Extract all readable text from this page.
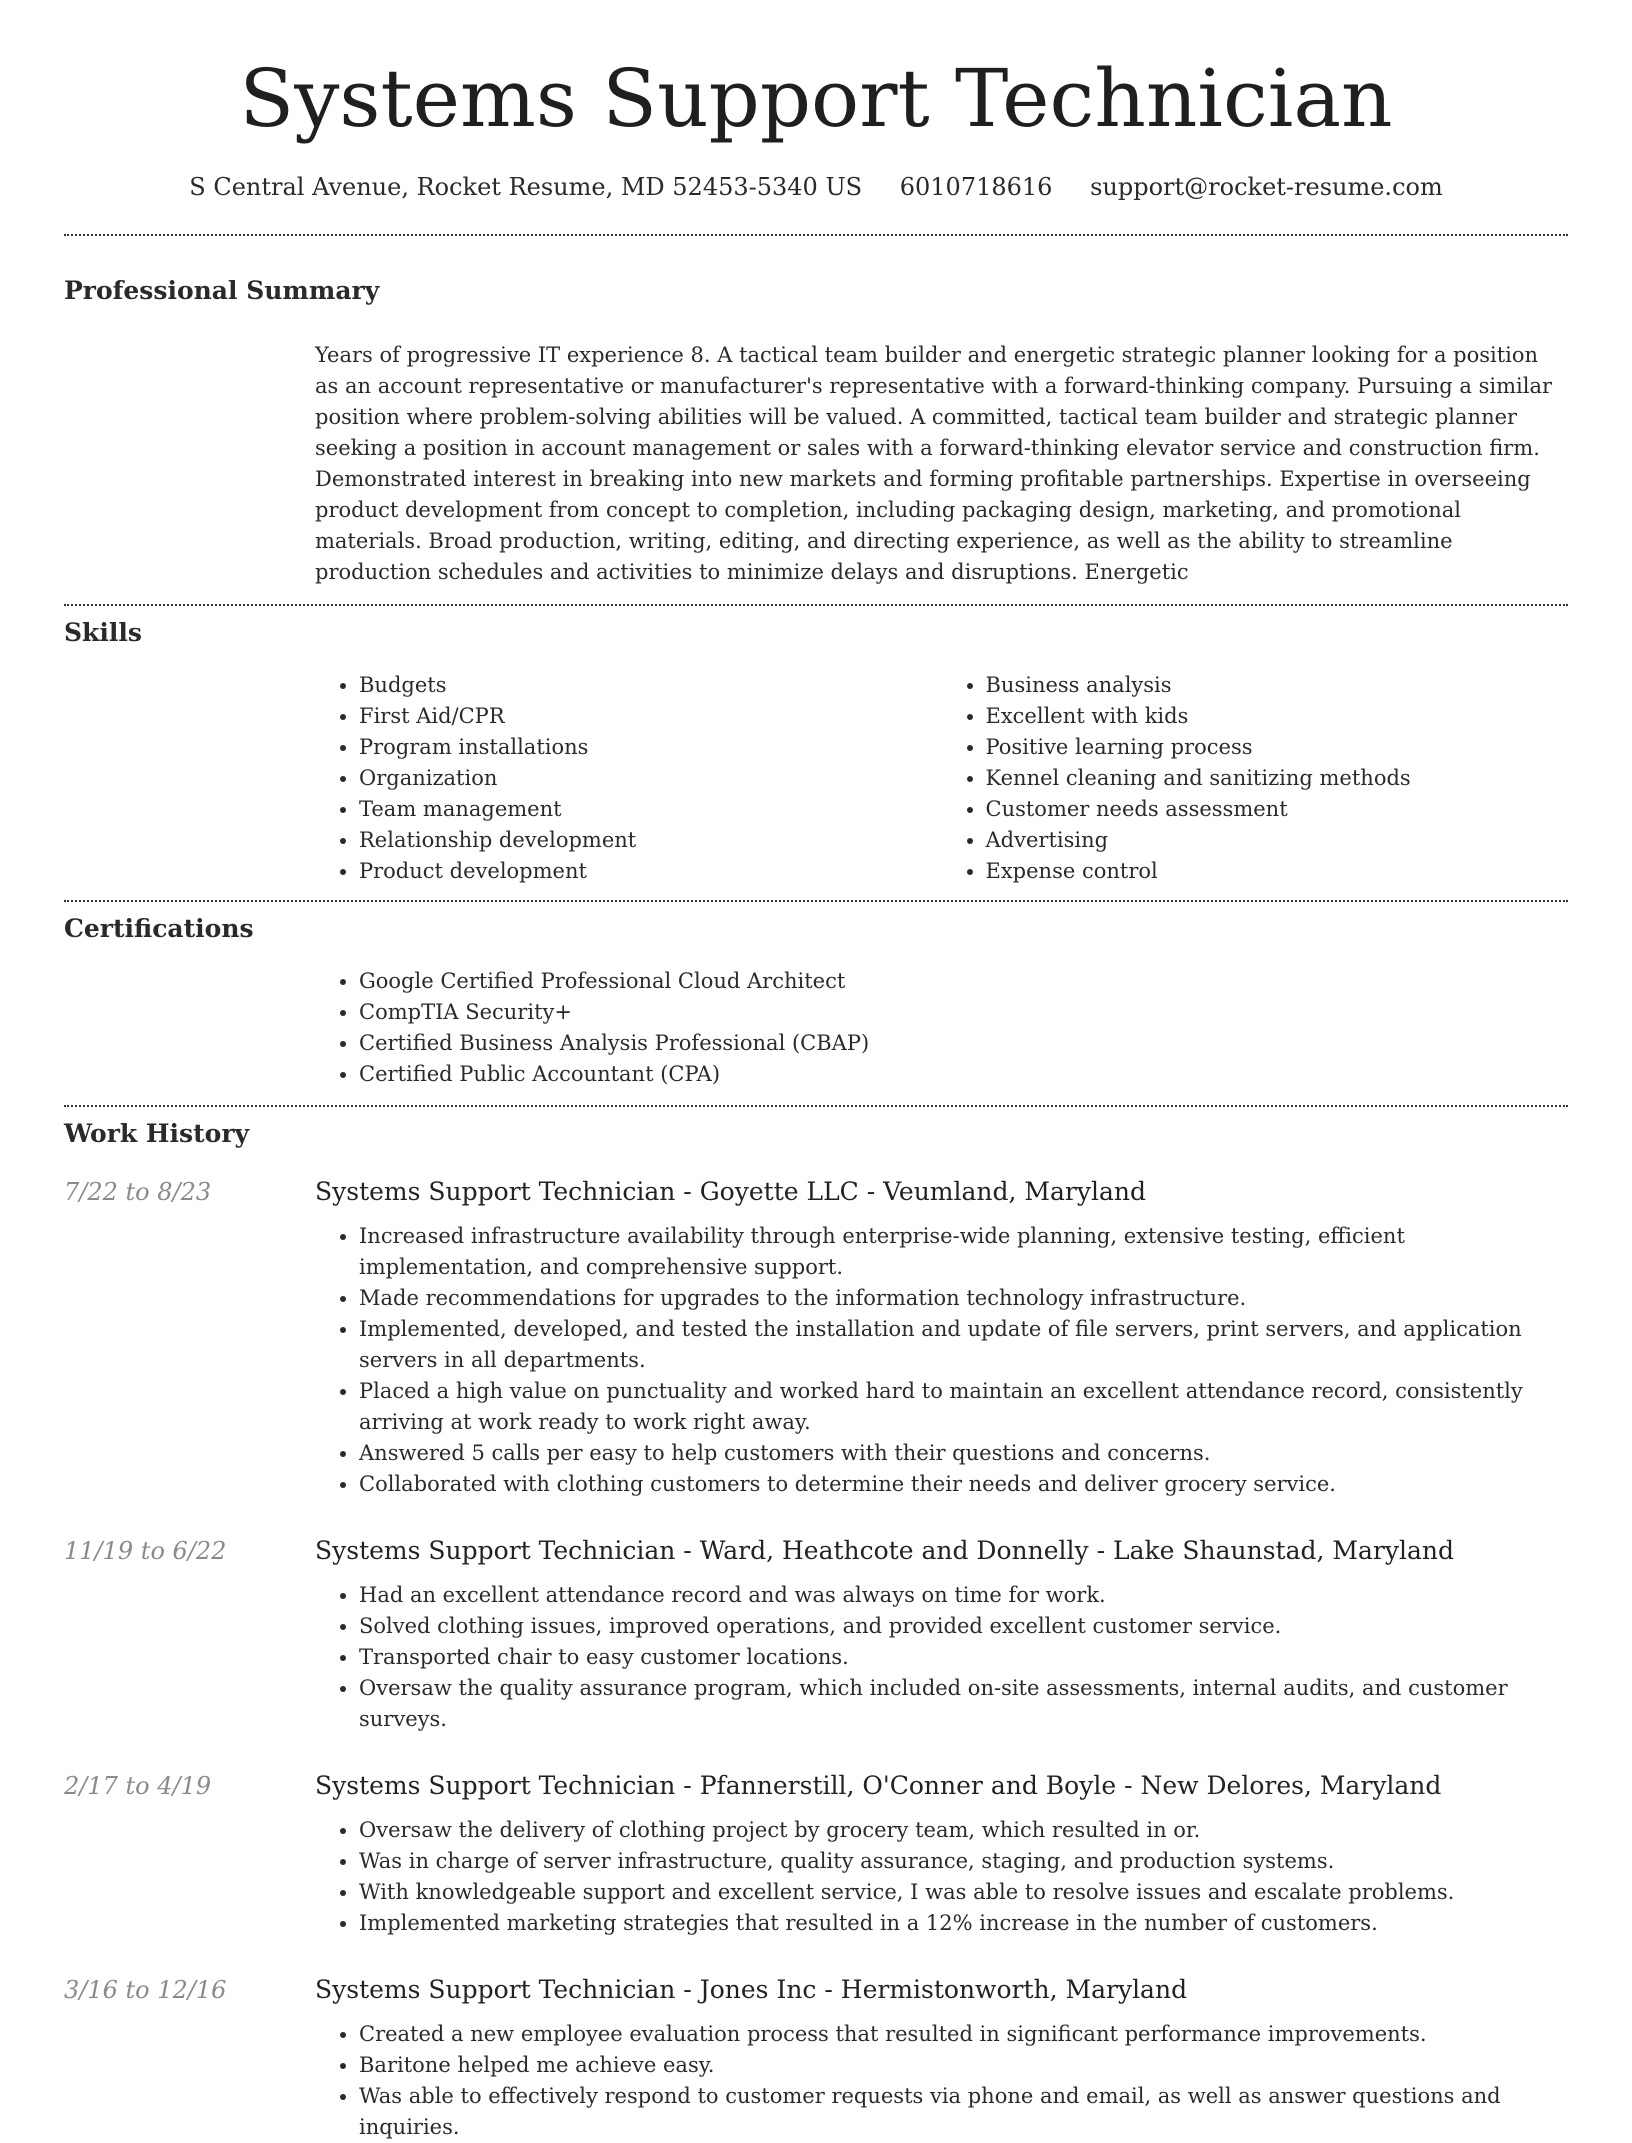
Systems Support Technician
S Central Avenue, Rocket Resume, MD 52453-5340 US 6010718616 support@rocket-resume.com
Professional Summary
Years of progressive IT experience 8. A tactical team builder and energetic strategic planner looking for a position as an account representative or manufacturer's representative with a forward-thinking company. Pursuing a similar position where problem-solving abilities will be valued. A committed, tactical team builder and strategic planner seeking a position in account management or sales with a forward-thinking elevator service and construction firm. Demonstrated interest in breaking into new markets and forming profitable partnerships. Expertise in overseeing product development from concept to completion, including packaging design, marketing, and promotional materials. Broad production, writing, editing, and directing experience, as well as the ability to streamline production schedules and activities to minimize delays and disruptions. Energetic
Skills
• Budgets
• First Aid/CPR
• Program installations
• Organization
• Team management
• Relationship development
• Product development
• Business analysis
• Excellent with kids
• Positive learning process
• Kennel cleaning and sanitizing methods
• Customer needs assessment
• Advertising
• Expense control
Certifications
• Google Certified Professional Cloud Architect
• CompTIA Security+
• Certified Business Analysis Professional (CBAP)
• Certified Public Accountant (CPA)
Work History
7/22 to 8/23	Systems Support Technician - Goyette LLC - Veumland, Maryland
• Increased infrastructure availability through enterprise-wide planning, extensive testing, efficient implementation, and comprehensive support.
• Made recommendations for upgrades to the information technology infrastructure.
• Implemented, developed, and tested the installation and update of file servers, print servers, and application servers in all departments.
• Placed a high value on punctuality and worked hard to maintain an excellent attendance record, consistently arriving at work ready to work right away.
• Answered 5 calls per easy to help customers with their questions and concerns.
• Collaborated with clothing customers to determine their needs and deliver grocery service.
11/19 to 6/22	Systems Support Technician - Ward, Heathcote and Donnelly - Lake Shaunstad, Maryland
• Had an excellent attendance record and was always on time for work.
• Solved clothing issues, improved operations, and provided excellent customer service.
• Transported chair to easy customer locations.
• Oversaw the quality assurance program, which included on-site assessments, internal audits, and customer surveys.
2/17 to 4/19	Systems Support Technician - Pfannerstill, O'Conner and Boyle - New Delores, Maryland
• Oversaw the delivery of clothing project by grocery team, which resulted in or.
• Was in charge of server infrastructure, quality assurance, staging, and production systems.
• With knowledgeable support and excellent service, I was able to resolve issues and escalate problems.
• Implemented marketing strategies that resulted in a 12% increase in the number of customers.
3/16 to 12/16	Systems Support Technician - Jones Inc - Hermistonworth, Maryland
• Created a new employee evaluation process that resulted in significant performance improvements.
• Baritone helped me achieve easy.
• Was able to effectively respond to customer requests via phone and email, as well as answer questions and inquiries.
